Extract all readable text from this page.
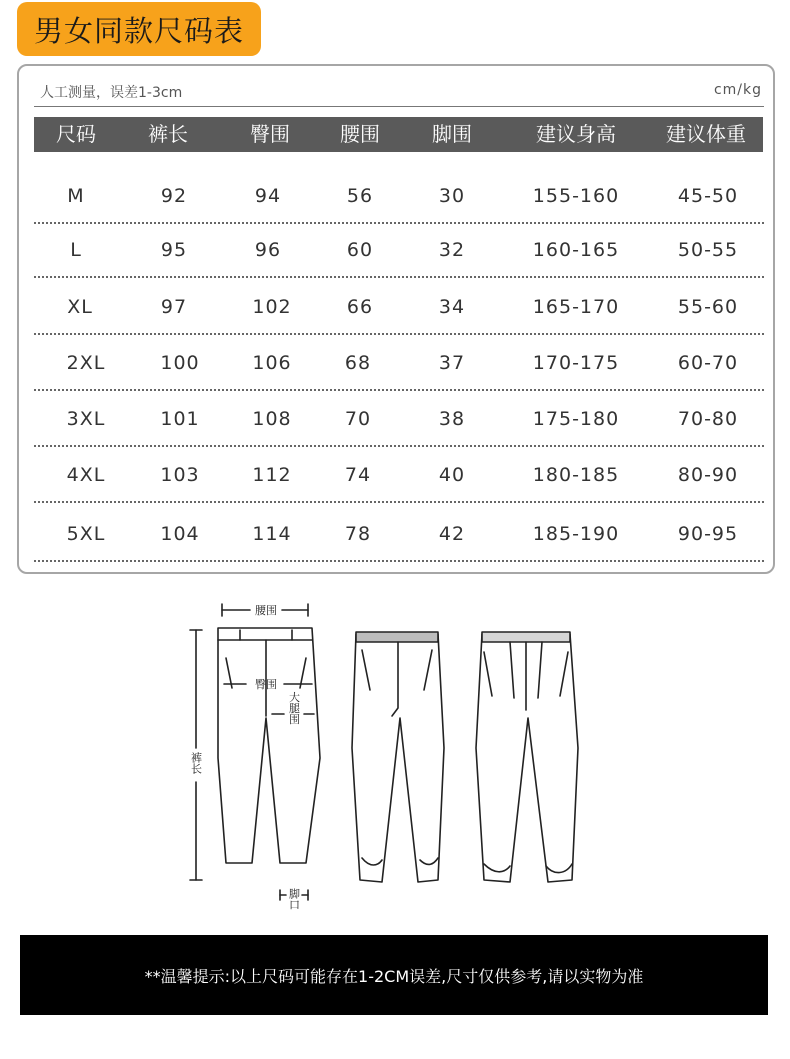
男女同款尺码表
人工测量，误差1-3cm	cm/kg
尺码	裤长	臀围	腰围	脚围	建议身高	建议体重
M	92	94	56	30	155-160	45-50
L	95	96	60	32	160-165	50-55
XL	97	102	66	34	165-170	55-60
2XL	100	106	68	37	170-175	60-70
3XL	101	108	70	38	175-180	70-80
4XL	103	112	74	40	180-185	80-90
5XL	104	114	78	42	185-190	90-95
腰围
臀围
大腿围
裤长
脚口
**温馨提示:以上尺码可能存在1-2CM误差,尺寸仅供参考,请以实物为准
